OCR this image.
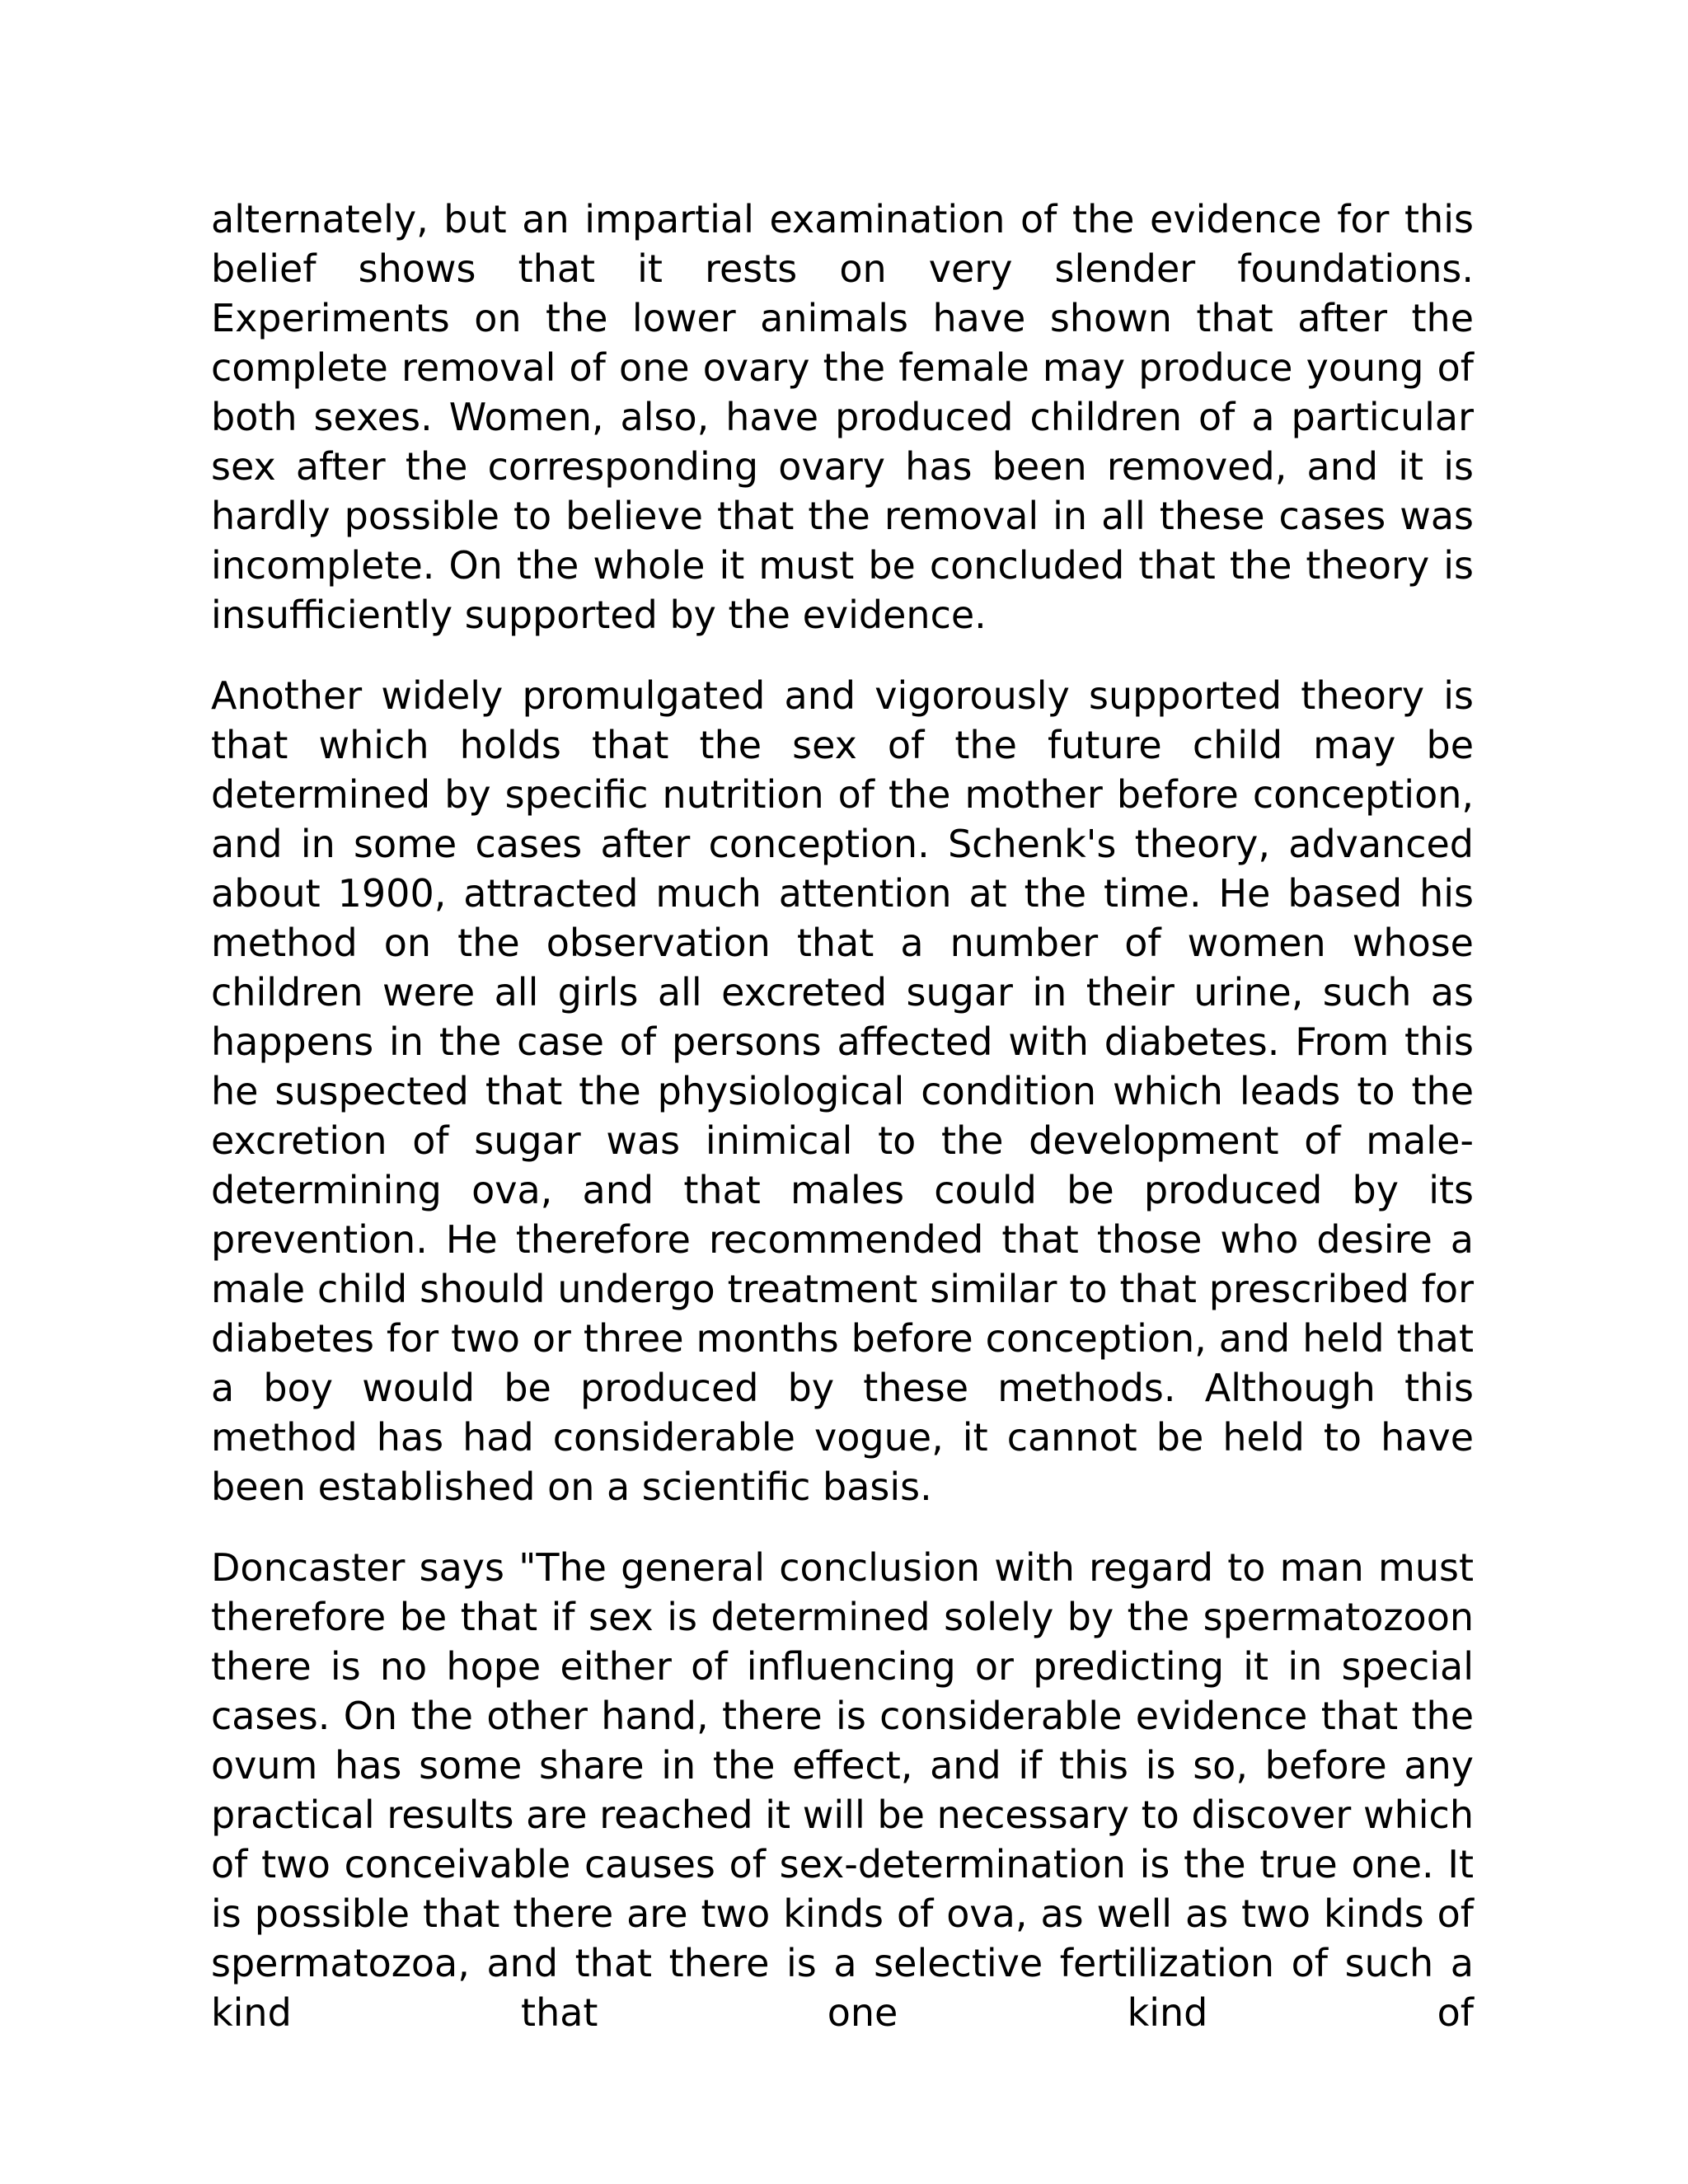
alternately, but an impartial examination of the evidence for this belief shows that it rests on very slender foundations. Experiments on the lower animals have shown that after the complete removal of one ovary the female may produce young of both sexes. Women, also, have produced children of a particular sex after the corresponding ovary has been removed, and it is hardly possible to believe that the removal in all these cases was incomplete. On the whole it must be concluded that the theory is insufficiently supported by the evidence.

Another widely promulgated and vigorously supported theory is that which holds that the sex of the future child may be determined by specific nutrition of the mother before conception, and in some cases after conception. Schenk's theory, advanced about 1900, attracted much attention at the time. He based his method on the observation that a number of women whose children were all girls all excreted sugar in their urine, such as happens in the case of persons affected with diabetes. From this he suspected that the physiological condition which leads to the excretion of sugar was inimical to the development of male-determining ova, and that males could be produced by its prevention. He therefore recommended that those who desire a male child should undergo treatment similar to that prescribed for diabetes for two or three months before conception, and held that a boy would be produced by these methods. Although this method has had considerable vogue, it cannot be held to have been established on a scientific basis.

Doncaster says "The general conclusion with regard to man must therefore be that if sex is determined solely by the spermatozoon there is no hope either of influencing or predicting it in special cases. On the other hand, there is considerable evidence that the ovum has some share in the effect, and if this is so, before any practical results are reached it will be necessary to discover which of two conceivable causes of sex-determination is the true one. It is possible that there are two kinds of ova, as well as two kinds of spermatozoa, and that there is a selective fertilization of such a kind that one kind of
